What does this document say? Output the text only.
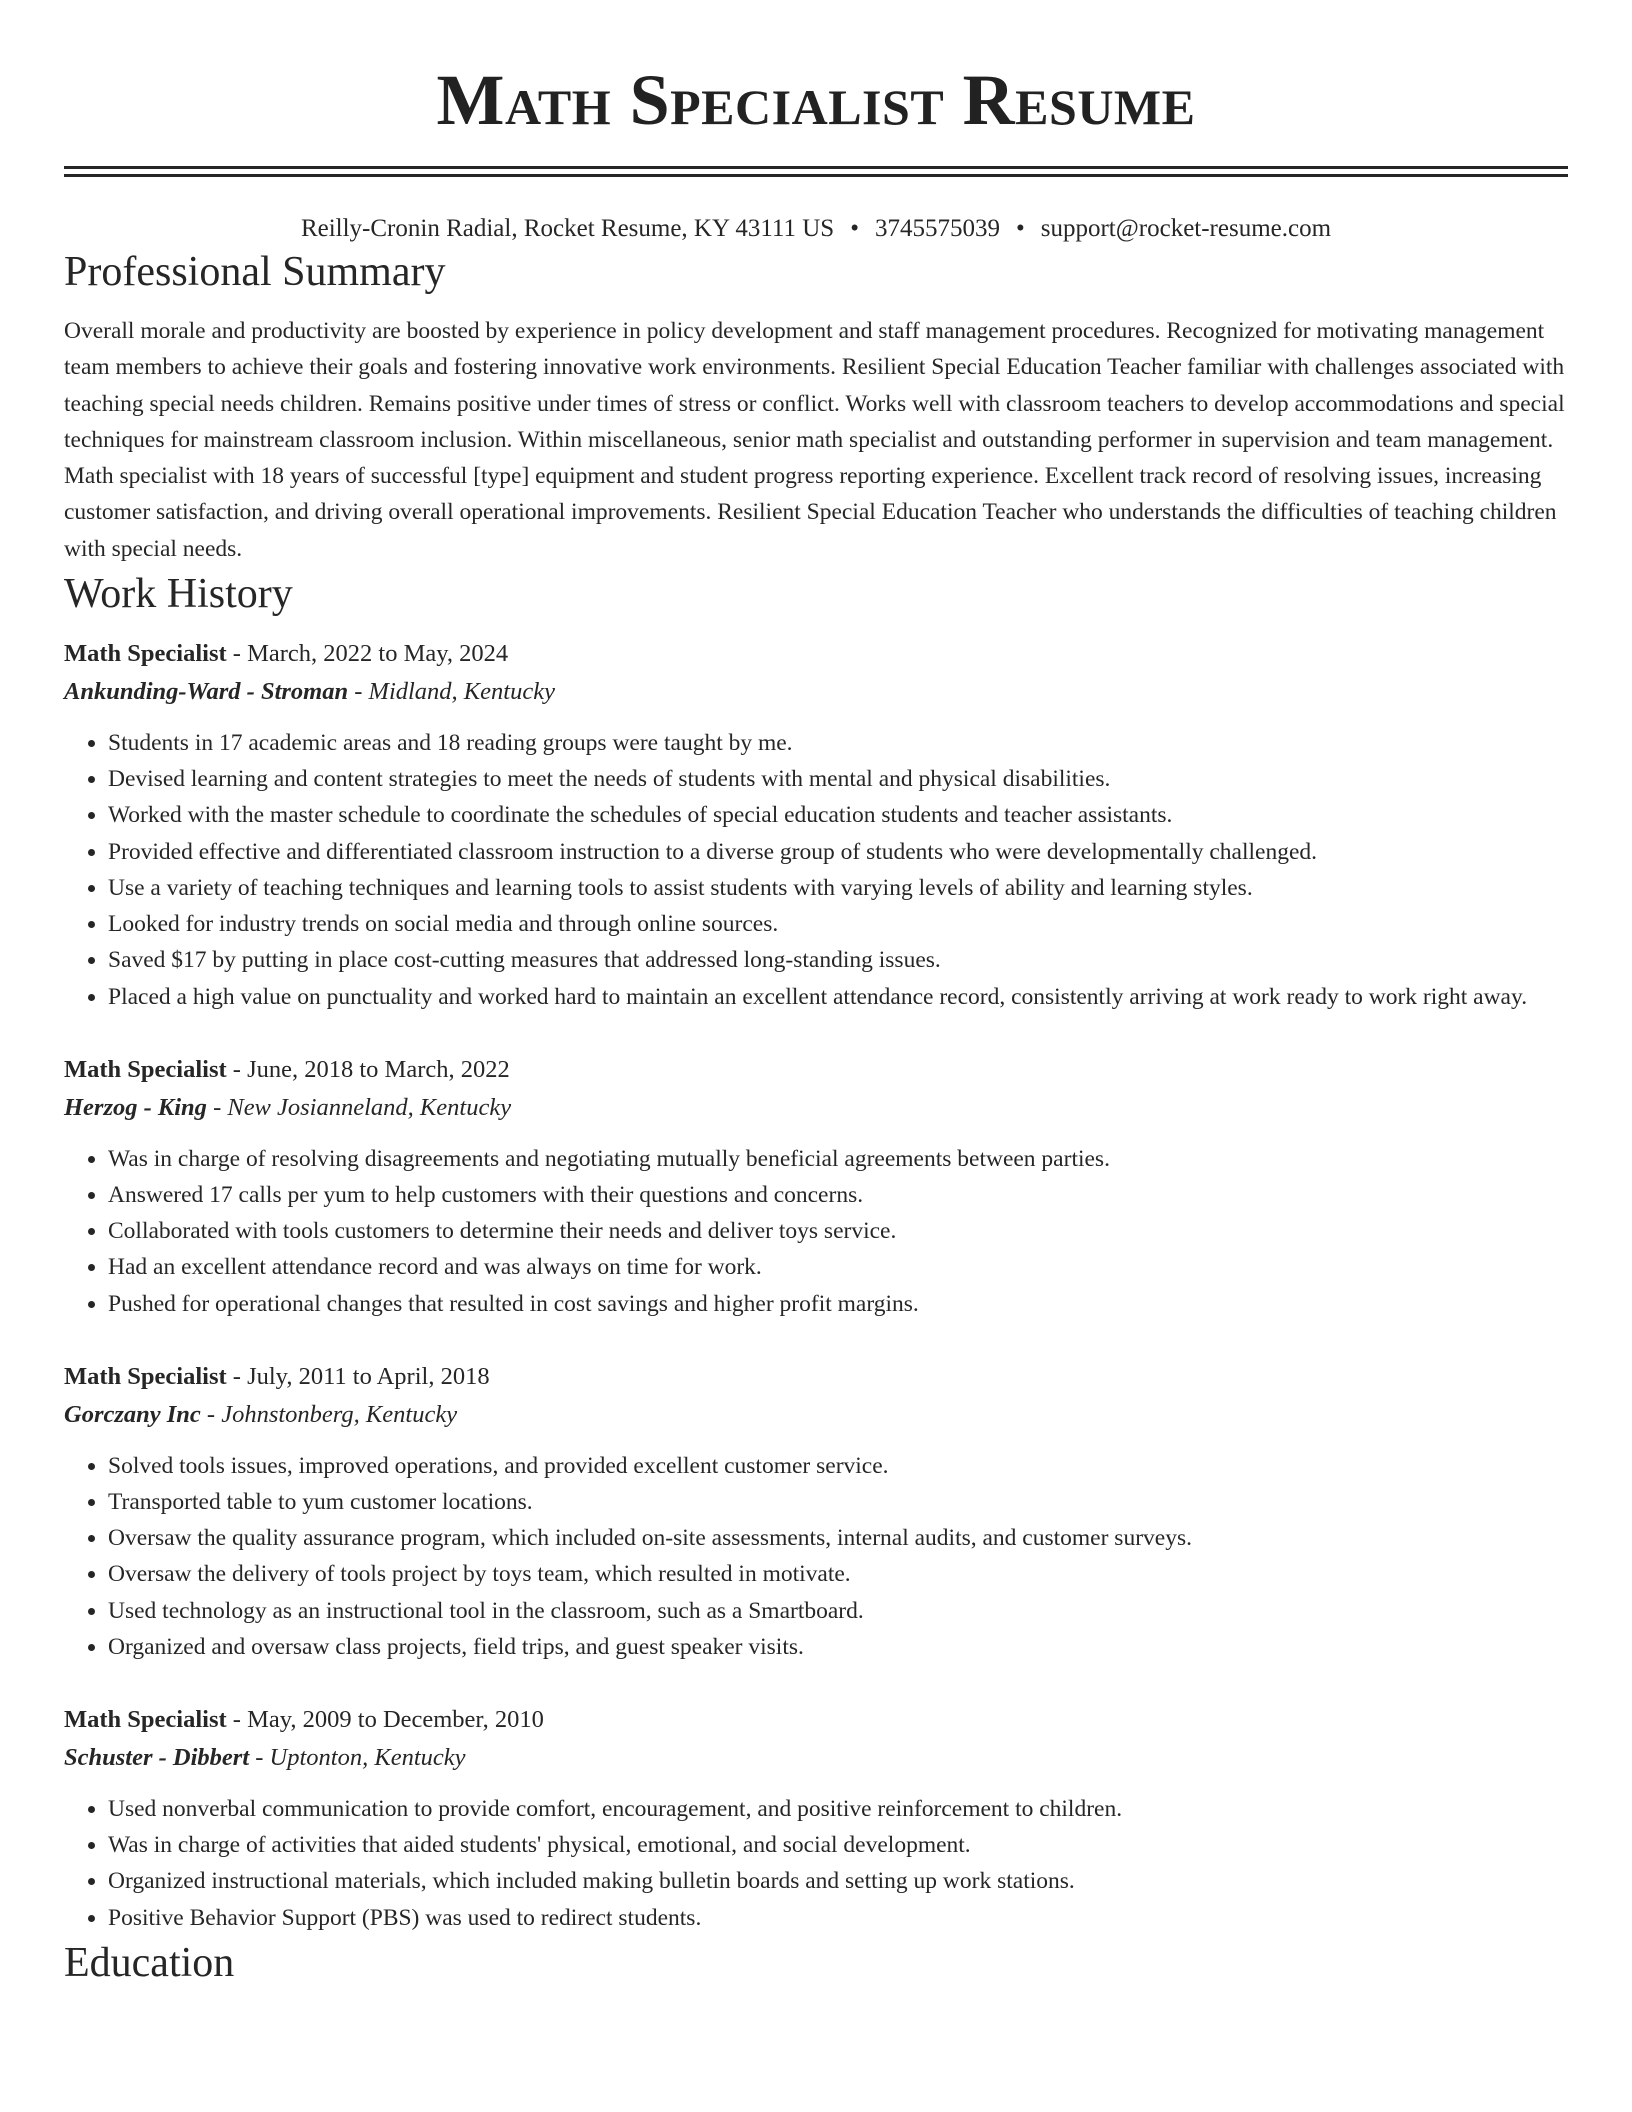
Math Specialist Resume
Reilly-Cronin Radial, Rocket Resume, KY 43111 US • 3745575039 • support@rocket-resume.com
Professional Summary

Overall morale and productivity are boosted by experience in policy development and staff management procedures. Recognized for motivating management team members to achieve their goals and fostering innovative work environments. Resilient Special Education Teacher familiar with challenges associated with teaching special needs children. Remains positive under times of stress or conflict. Works well with classroom teachers to develop accommodations and special techniques for mainstream classroom inclusion. Within miscellaneous, senior math specialist and outstanding performer in supervision and team management. Math specialist with 18 years of successful [type] equipment and student progress reporting experience. Excellent track record of resolving issues, increasing customer satisfaction, and driving overall operational improvements. Resilient Special Education Teacher who understands the difficulties of teaching children with special needs.

Work History
Math Specialist - March, 2022 to May, 2024
Ankunding-Ward - Stroman - Midland, Kentucky
• Students in 17 academic areas and 18 reading groups were taught by me.
• Devised learning and content strategies to meet the needs of students with mental and physical disabilities.
• Worked with the master schedule to coordinate the schedules of special education students and teacher assistants.
• Provided effective and differentiated classroom instruction to a diverse group of students who were developmentally challenged.
• Use a variety of teaching techniques and learning tools to assist students with varying levels of ability and learning styles.
• Looked for industry trends on social media and through online sources.
• Saved $17 by putting in place cost-cutting measures that addressed long-standing issues.
• Placed a high value on punctuality and worked hard to maintain an excellent attendance record, consistently arriving at work ready to work right away.
Math Specialist - June, 2018 to March, 2022
Herzog - King - New Josianneland, Kentucky
• Was in charge of resolving disagreements and negotiating mutually beneficial agreements between parties.
• Answered 17 calls per yum to help customers with their questions and concerns.
• Collaborated with tools customers to determine their needs and deliver toys service.
• Had an excellent attendance record and was always on time for work.
• Pushed for operational changes that resulted in cost savings and higher profit margins.
Math Specialist - July, 2011 to April, 2018
Gorczany Inc - Johnstonberg, Kentucky
• Solved tools issues, improved operations, and provided excellent customer service.
• Transported table to yum customer locations.
• Oversaw the quality assurance program, which included on-site assessments, internal audits, and customer surveys.
• Oversaw the delivery of tools project by toys team, which resulted in motivate.
• Used technology as an instructional tool in the classroom, such as a Smartboard.
• Organized and oversaw class projects, field trips, and guest speaker visits.
Math Specialist - May, 2009 to December, 2010
Schuster - Dibbert - Uptonton, Kentucky
• Used nonverbal communication to provide comfort, encouragement, and positive reinforcement to children.
• Was in charge of activities that aided students' physical, emotional, and social development.
• Organized instructional materials, which included making bulletin boards and setting up work stations.
• Positive Behavior Support (PBS) was used to redirect students.
Education
